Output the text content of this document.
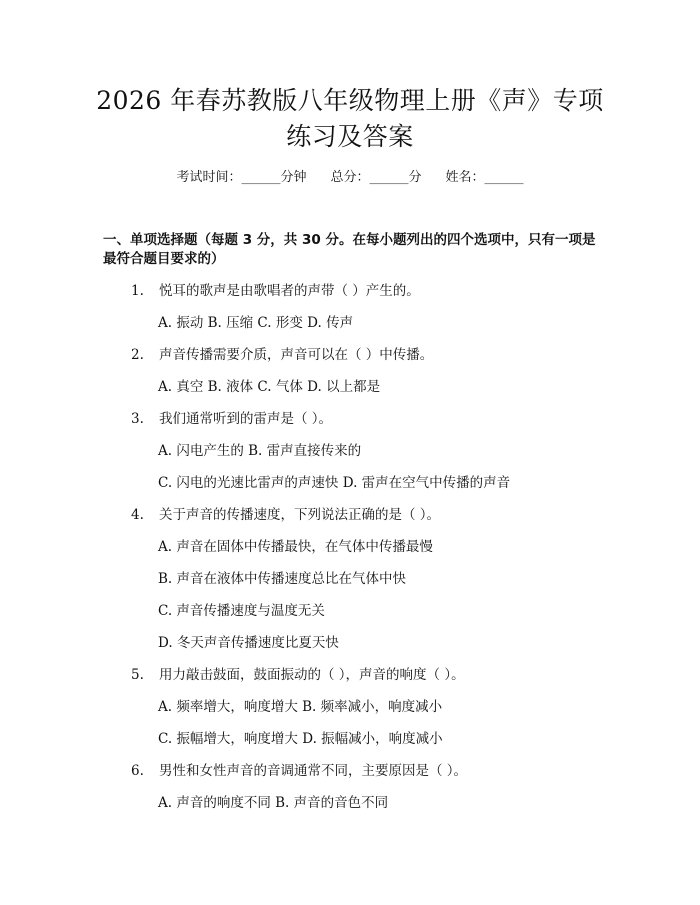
2026 年春苏教版八年级物理上册《声》专项
练习及答案
考试时间：______分钟 总分：______分 姓名：______
一、单项选择题（每题 3 分，共 30 分。在每小题列出的四个选项中，只有一项是
最符合题目要求的）
1. 悦耳的歌声是由歌唱者的声带（ ）产生的。
A. 振动 B. 压缩 C. 形变 D. 传声
2. 声音传播需要介质，声音可以在（ ）中传播。
A. 真空 B. 液体 C. 气体 D. 以上都是
3. 我们通常听到的雷声是（ ）。
A. 闪电产生的 B. 雷声直接传来的
C. 闪电的光速比雷声的声速快 D. 雷声在空气中传播的声音
4. 关于声音的传播速度，下列说法正确的是（ ）。
A. 声音在固体中传播最快，在气体中传播最慢
B. 声音在液体中传播速度总比在气体中快
C. 声音传播速度与温度无关
D. 冬天声音传播速度比夏天快
5. 用力敲击鼓面，鼓面振动的（ ），声音的响度（ ）。
A. 频率增大，响度增大 B. 频率减小，响度减小
C. 振幅增大，响度增大 D. 振幅减小，响度减小
6. 男性和女性声音的音调通常不同，主要原因是（ ）。
A. 声音的响度不同 B. 声音的音色不同
